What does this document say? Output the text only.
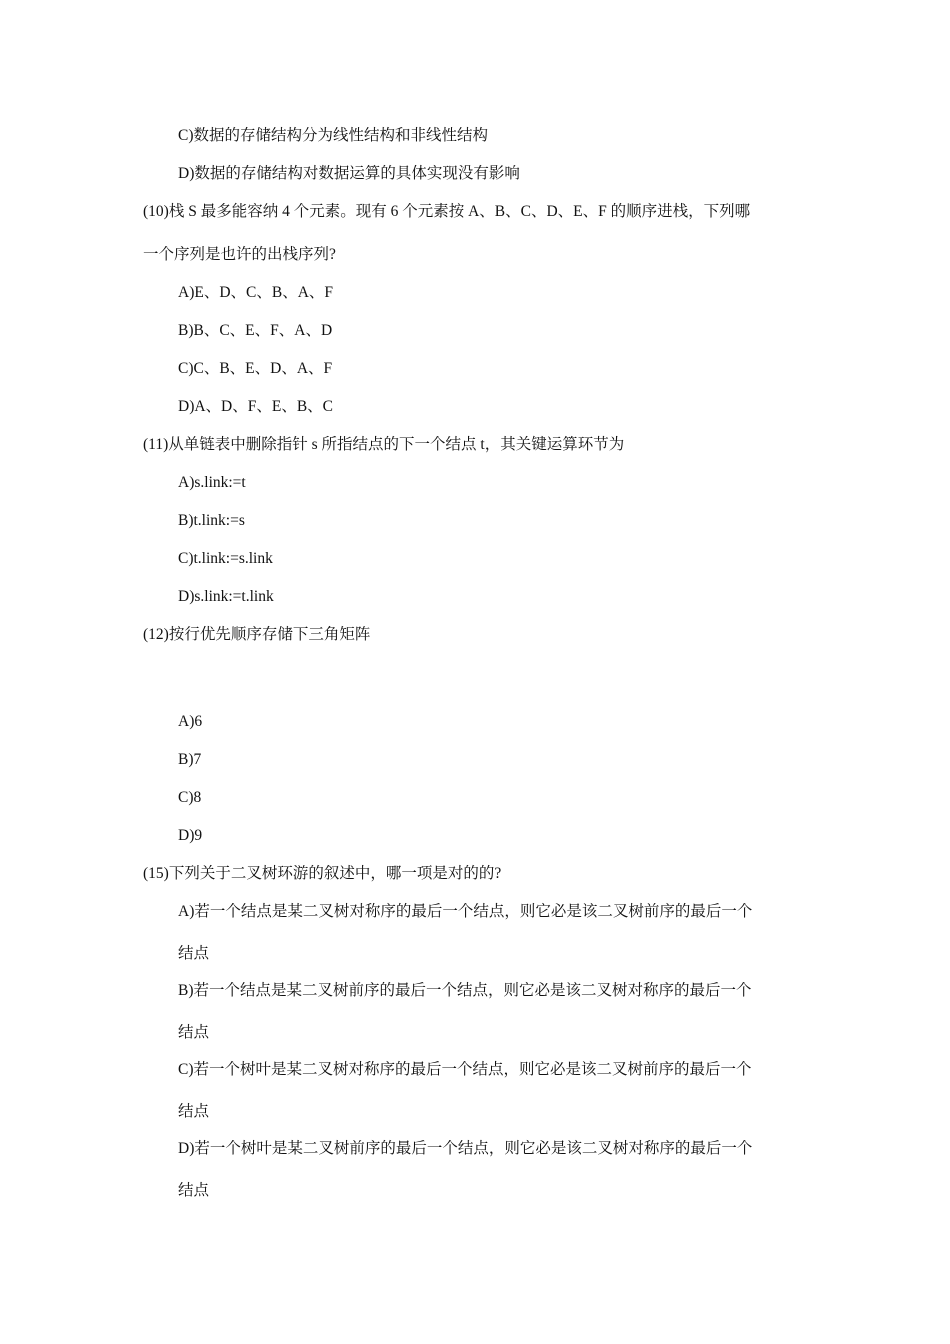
C)数据的存储结构分为线性结构和非线性结构
D)数据的存储结构对数据运算的具体实现没有影响
(10)栈 S 最多能容纳 4 个元素。现有 6 个元素按 A、B、C、D、E、F 的顺序进栈，下列哪
一个序列是也许的出栈序列?
A)E、D、C、B、A、F
B)B、C、E、F、A、D
C)C、B、E、D、A、F
D)A、D、F、E、B、C
(11)从单链表中删除指针 s 所指结点的下一个结点 t，其关键运算环节为
A)s.link:=t
B)t.link:=s
C)t.link:=s.link
D)s.link:=t.link
(12)按行优先顺序存储下三角矩阵
A)6
B)7
C)8
D)9
(15)下列关于二叉树环游的叙述中，哪一项是对的的?
A)若一个结点是某二叉树对称序的最后一个结点，则它必是该二叉树前序的最后一个
结点
B)若一个结点是某二叉树前序的最后一个结点，则它必是该二叉树对称序的最后一个
结点
C)若一个树叶是某二叉树对称序的最后一个结点，则它必是该二叉树前序的最后一个
结点
D)若一个树叶是某二叉树前序的最后一个结点，则它必是该二叉树对称序的最后一个
结点
